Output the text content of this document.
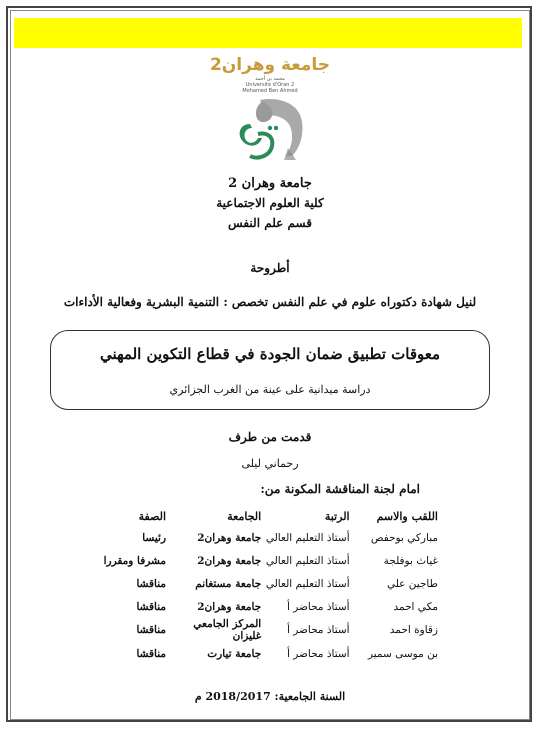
جامعة وهران2
محمد بن أحمد
Université d'Oran 2
Mohamed Ben Ahmed
جامعة وهران 2
كلية العلوم الاجتماعية
قسم علم النفس
أطروحة
لنيل شهادة دكتوراه علوم في علم النفس تخصص : التنمية البشرية وفعالية الأداءات
معوقات تطبيق ضمان الجودة في قطاع التكوين المهني
دراسة ميدانية على عينة من الغرب الجزائري
قدمت من طرف
رحماني ليلى
امام لجنة المناقشة المكونة من:
اللقب والاسم	الرتبة	الجامعة	الصفة
مباركي بوحفص	أستاذ التعليم العالي	جامعة وهران2	رئيسا
غياث بوفلجة	أستاذ التعليم العالي	جامعة وهران2	مشرفا ومقررا
طاجين علي	أستاذ التعليم العالي	جامعة مستغانم	مناقشا
مكي احمد	أستاذ محاضر أ	جامعة وهران2	مناقشا
زقاوة احمد	أستاذ محاضر أ	المركز الجامعي غليزان	مناقشا
بن موسى سمير	أستاذ محاضر أ	جامعة تيارت	مناقشا
السنة الجامعية: 2018/2017 م
